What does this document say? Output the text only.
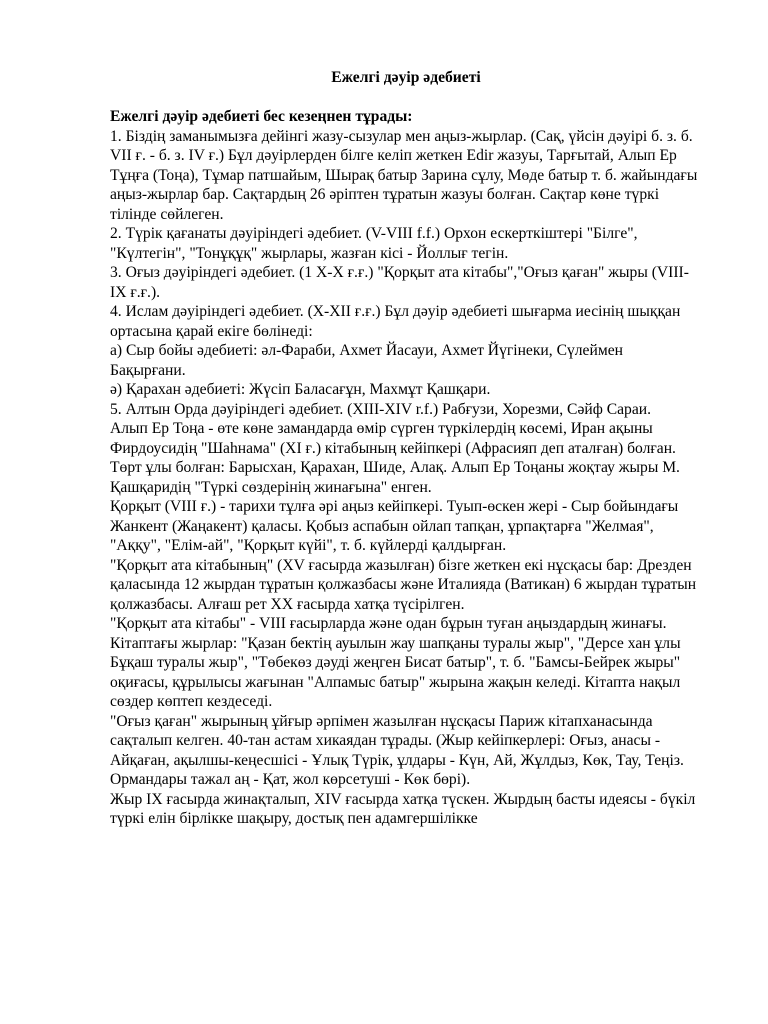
Ежелгі дәуір әдебиеті

Ежелгі дәуір әдебиеті бес кезеңнен тұрады:

1. Біздің заманымызға дейінгі жазу-сызулар мен аңыз-жырлар. (Сақ, үйсін дәуірі б. з. б. VII ғ. - б. з. IV ғ.) Бұл дәуірлерден білге келіп жеткен Edir жазуы, Тарғытай, Алып Ер Тұңға (Тоңа), Тұмар патшайым, Шырақ батыр Зарина сұлу, Мөде батыр т. б. жайындағы аңыз-жырлар бар. Сақтардың 26 әріптен тұратын жазуы болған. Сақтар көне түркі тілінде сөйлеген.

2. Түрік қағанаты дәуіріндегі әдебиет. (V-VIII f.f.) Орхон ескерткіштері "Білге", "Күлтегін", "Тонұқұқ" жырлары, жазған кісі - Йоллығ тегін.

3. Оғыз дәуіріндегі әдебиет. (1 X-X ғ.ғ.) "Қорқыт ата кітабы","Оғыз қаған" жыры (VIII-IX ғ.ғ.).

4. Ислам дәуіріндегі әдебиет. (X-XII ғ.ғ.) Бұл дәуір әдебиеті шығарма иесінің шыққан ортасына қарай екіге бөлінеді:

а) Сыр бойы әдебиеті: әл-Фараби, Ахмет Йасауи, Ахмет Йүгінеки, Сүлеймен Бақырғани.

ә) Қарахан әдебиеті: Жүсіп Баласағұн, Махмұт Қашқари.

5. Алтын Орда дәуіріндегі әдебиет. (XIII-XIV r.f.) Рабғузи, Хорезми, Сәйф Сараи.

Алып Ер Тоңа - өте көне замандарда өмір сүрген түркілердің көсемі, Иран ақыны Фирдоусидің "Шаһнама" (XI ғ.) кітабының кейіпкері (Афрасияп деп аталған) болған. Төрт ұлы болған: Барысхан, Қарахан, Шиде, Алақ. Алып Ер Тоңаны жоқтау жыры М. Қашқаридің "Түркі сөздерінің жинағына" енген.

Қорқыт (VIII ғ.) - тарихи тұлға әрі аңыз кейіпкері. Туып-өскен жері - Сыр бойындағы Жанкент (Жаңакент) қаласы. Қобыз аспабын ойлап тапқан, ұрпақтарға "Желмая", "Аққу", "Елім-ай", "Қорқыт күйі", т. б. күйлерді қалдырған.

"Қорқыт ата кітабының" (XV ғасырда жазылған) бізге жеткен екі нұсқасы бар: Дрезден қаласында 12 жырдан тұратын қолжазбасы және Италияда (Ватикан) 6 жырдан тұратын қолжазбасы. Алғаш рет XX ғасырда хатқа түсірілген.

"Қорқыт ата кітабы" - VIII ғасырларда және одан бұрын туған аңыздардың жинағы. Кітаптағы жырлар: "Қазан бектің ауылын жау шапқаны туралы жыр", "Дерсе хан ұлы Бұқаш туралы жыр", "Төбекөз дәуді жеңген Бисат батыр", т. б. "Бамсы-Бейрек жыры" оқиғасы, құрылысы жағынан "Алпамыс батыр" жырына жақын келеді. Кітапта нақыл сөздер көптеп кездеседі.

"Оғыз қаған" жырының ұйғыр әрпімен жазылған нұсқасы Париж кітапханасында сақталып келген. 40-тан астам хикаядан тұрады. (Жыр кейіпкерлері: Оғыз, анасы - Айқаған, ақылшы-кеңесшісі - Ұлық Түрік, ұлдары - Күн, Ай, Жұлдыз, Көк, Тау, Теңіз. Ормандары тажал аң - Қат, жол көрсетуші - Көк бөрі).

Жыр IX ғасырда жинақталып, XIV ғасырда хатқа түскен. Жырдың басты идеясы - бүкіл түркі елін бірлікке шақыру, достық пен адамгершілікке
